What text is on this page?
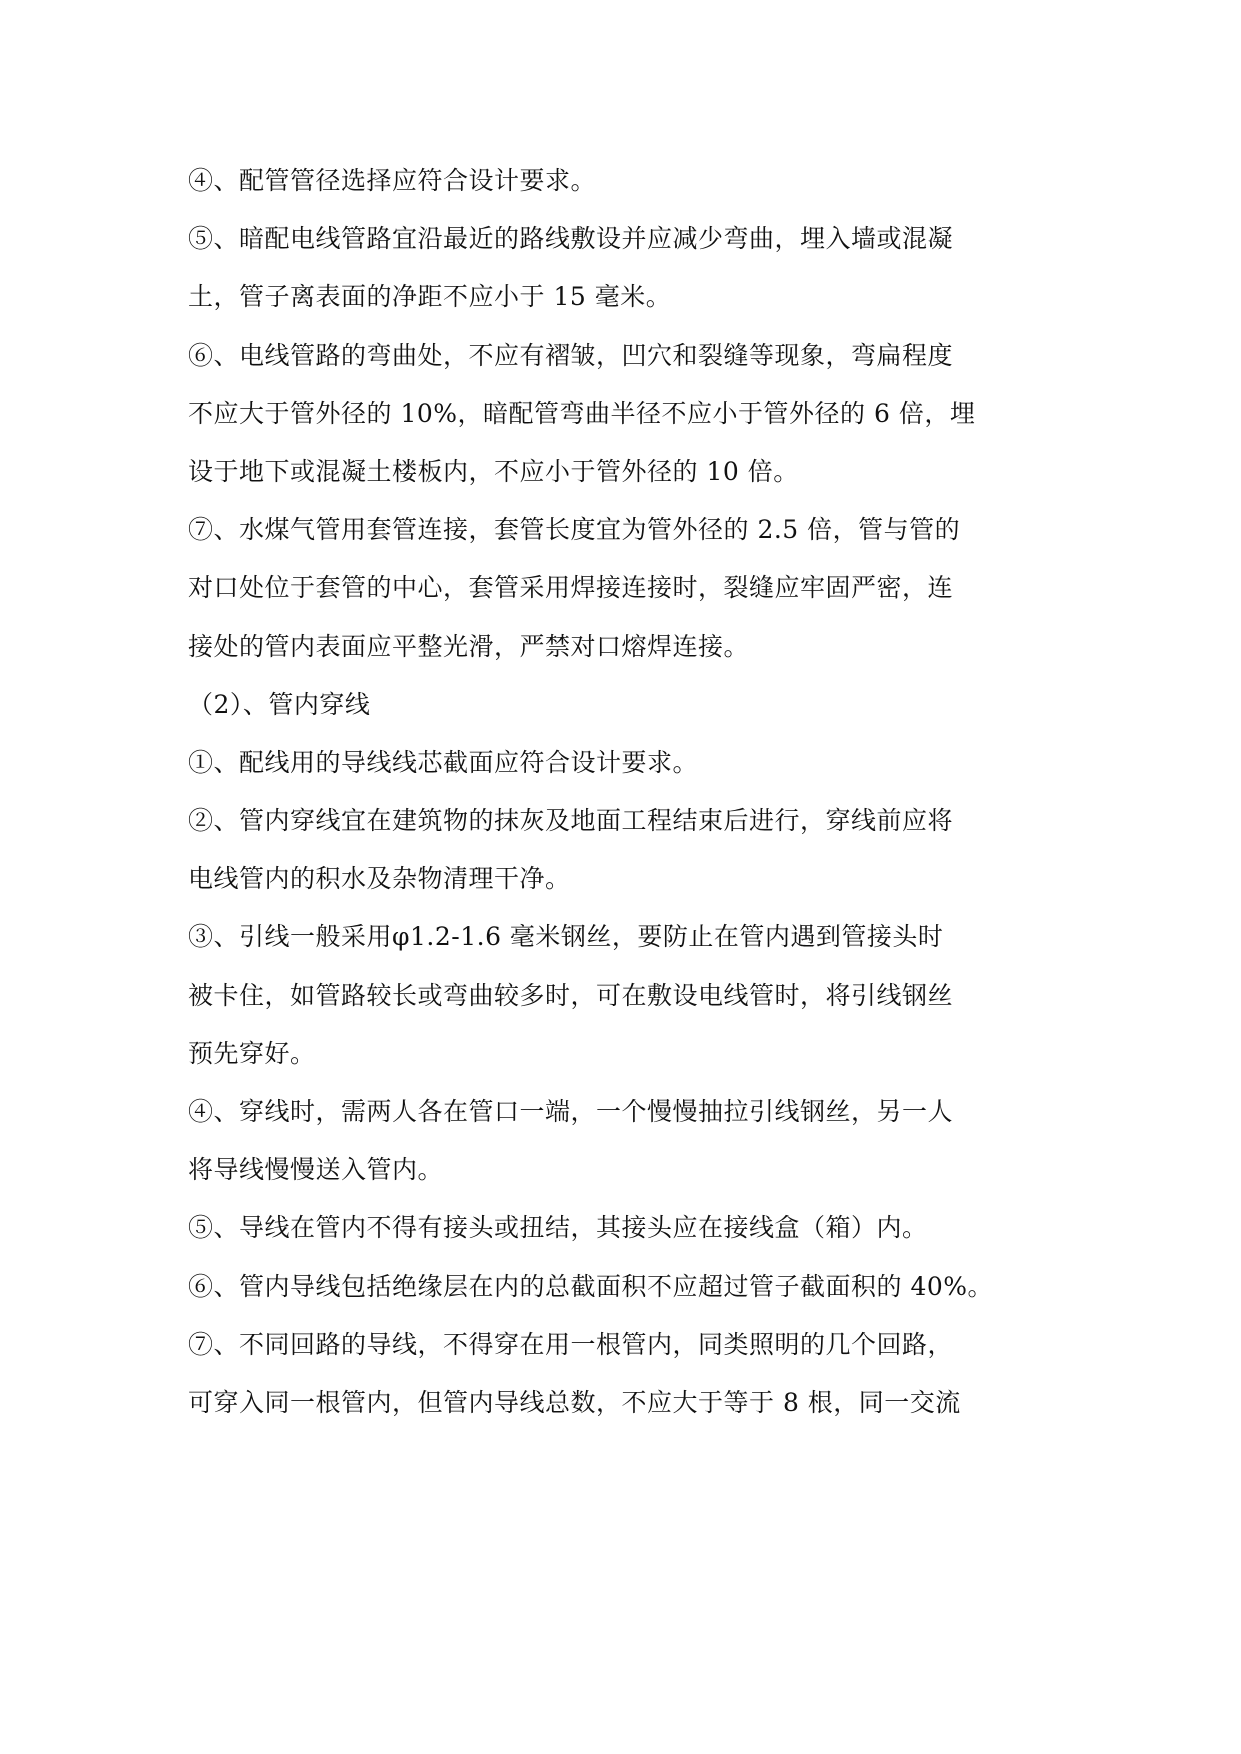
④、配管管径选择应符合设计要求。
⑤、暗配电线管路宜沿最近的路线敷设并应减少弯曲，埋入墙或混凝
土，管子离表面的净距不应小于 15 毫米。
⑥、电线管路的弯曲处，不应有褶皱，凹穴和裂缝等现象，弯扁程度
不应大于管外径的 10%，暗配管弯曲半径不应小于管外径的 6 倍，埋
设于地下或混凝土楼板内，不应小于管外径的 10 倍。
⑦、水煤气管用套管连接，套管长度宜为管外径的 2.5 倍，管与管的
对口处位于套管的中心，套管采用焊接连接时，裂缝应牢固严密，连
接处的管内表面应平整光滑，严禁对口熔焊连接。
（2）、管内穿线
①、配线用的导线线芯截面应符合设计要求。
②、管内穿线宜在建筑物的抹灰及地面工程结束后进行，穿线前应将
电线管内的积水及杂物清理干净。
③、引线一般采用φ1.2-1.6 毫米钢丝，要防止在管内遇到管接头时
被卡住，如管路较长或弯曲较多时，可在敷设电线管时，将引线钢丝
预先穿好。
④、穿线时，需两人各在管口一端，一个慢慢抽拉引线钢丝，另一人
将导线慢慢送入管内。
⑤、导线在管内不得有接头或扭结，其接头应在接线盒（箱）内。
⑥、管内导线包括绝缘层在内的总截面积不应超过管子截面积的 40%。
⑦、不同回路的导线，不得穿在用一根管内，同类照明的几个回路，
可穿入同一根管内，但管内导线总数，不应大于等于 8 根，同一交流
